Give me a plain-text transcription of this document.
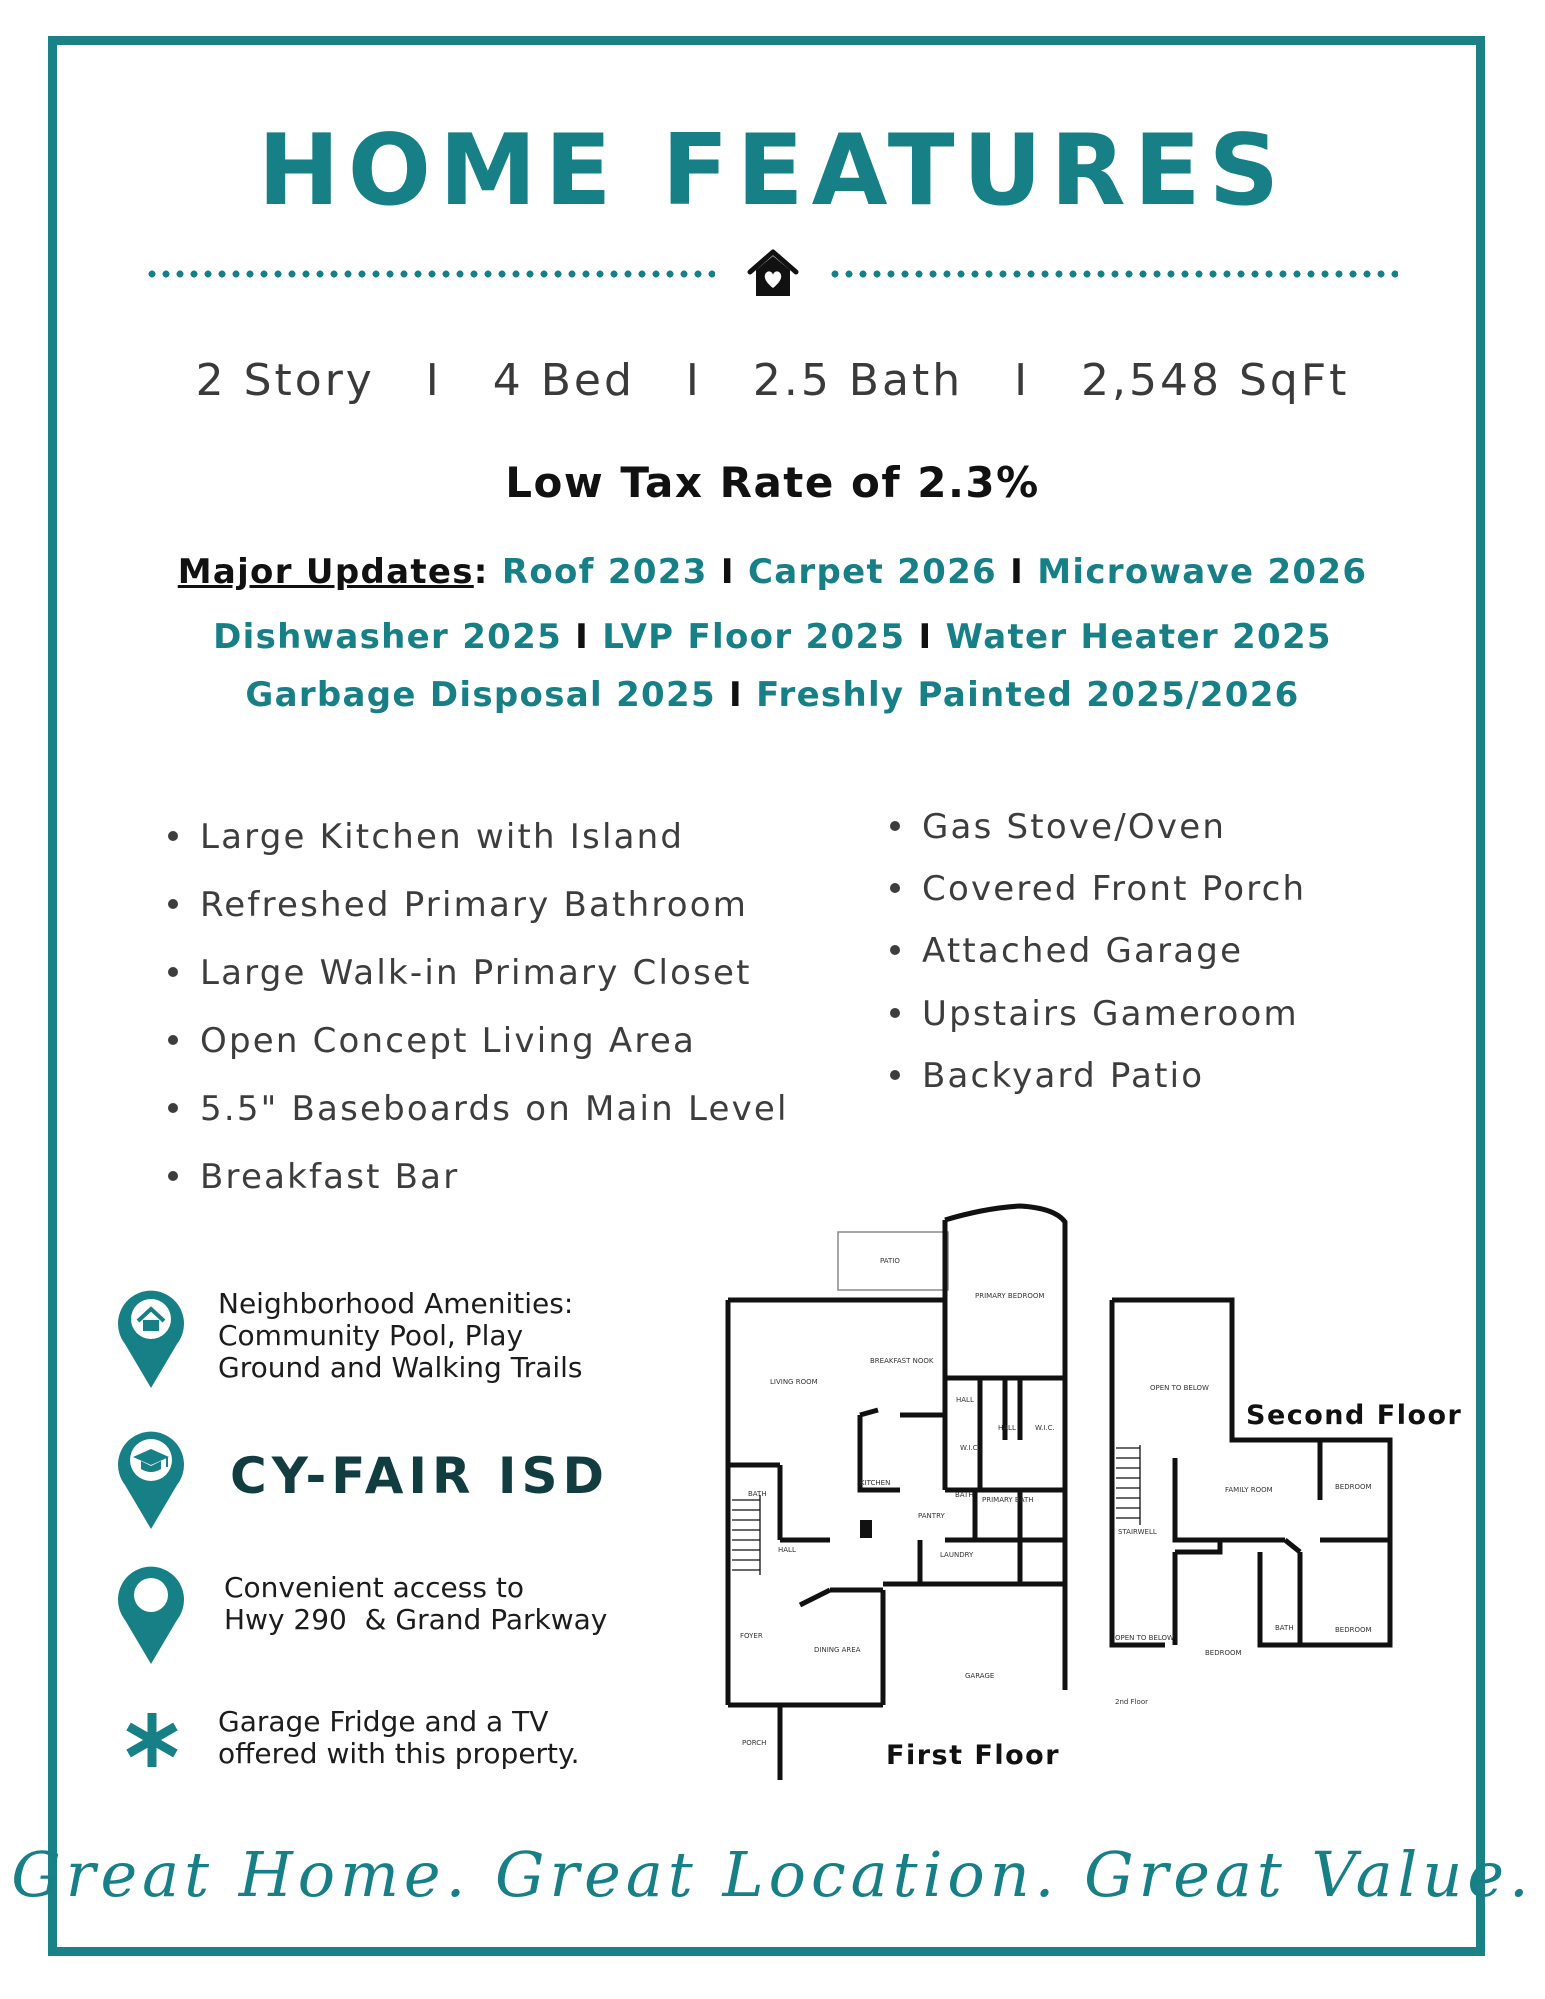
HOME FEATURES
2 Story I 4 Bed I 2.5 Bath I 2,548 SqFt
Low Tax Rate of 2.3%
Major Updates: Roof 2023 I Carpet 2026 I Microwave 2026
Dishwasher 2025 I LVP Floor 2025 I Water Heater 2025
Garbage Disposal 2025 I Freshly Painted 2025/2026
Large Kitchen with Island
Refreshed Primary Bathroom
Large Walk-in Primary Closet
Open Concept Living Area
5.5" Baseboards on Main Level
Breakfast Bar
Gas Stove/Oven
Covered Front Porch
Attached Garage
Upstairs Gameroom
Backyard Patio
Neighborhood Amenities:
Community Pool, Play
Ground and Walking Trails
CY-FAIR ISD
Convenient access to
Hwy 290  & Grand Parkway
Garage Fridge and a TV
offered with this property.
PATIO
PRIMARY BEDROOM
BREAKFAST NOOK
LIVING ROOM
HALL
HALL
W.I.C.
W.I.C.
KITCHEN
BATH	BATH
PRIMARY BATH
PANTRY
HALL
LAUNDRY
FOYER
DINING AREA
GARAGE
PORCH
OPEN TO BELOW
STAIRWELL
FAMILY ROOM	BEDROOM
BEDROOM
BATH	BEDROOM
OPEN TO BELOW
2nd Floor
First Floor
Second Floor
Great Home. Great Location. Great Value.
